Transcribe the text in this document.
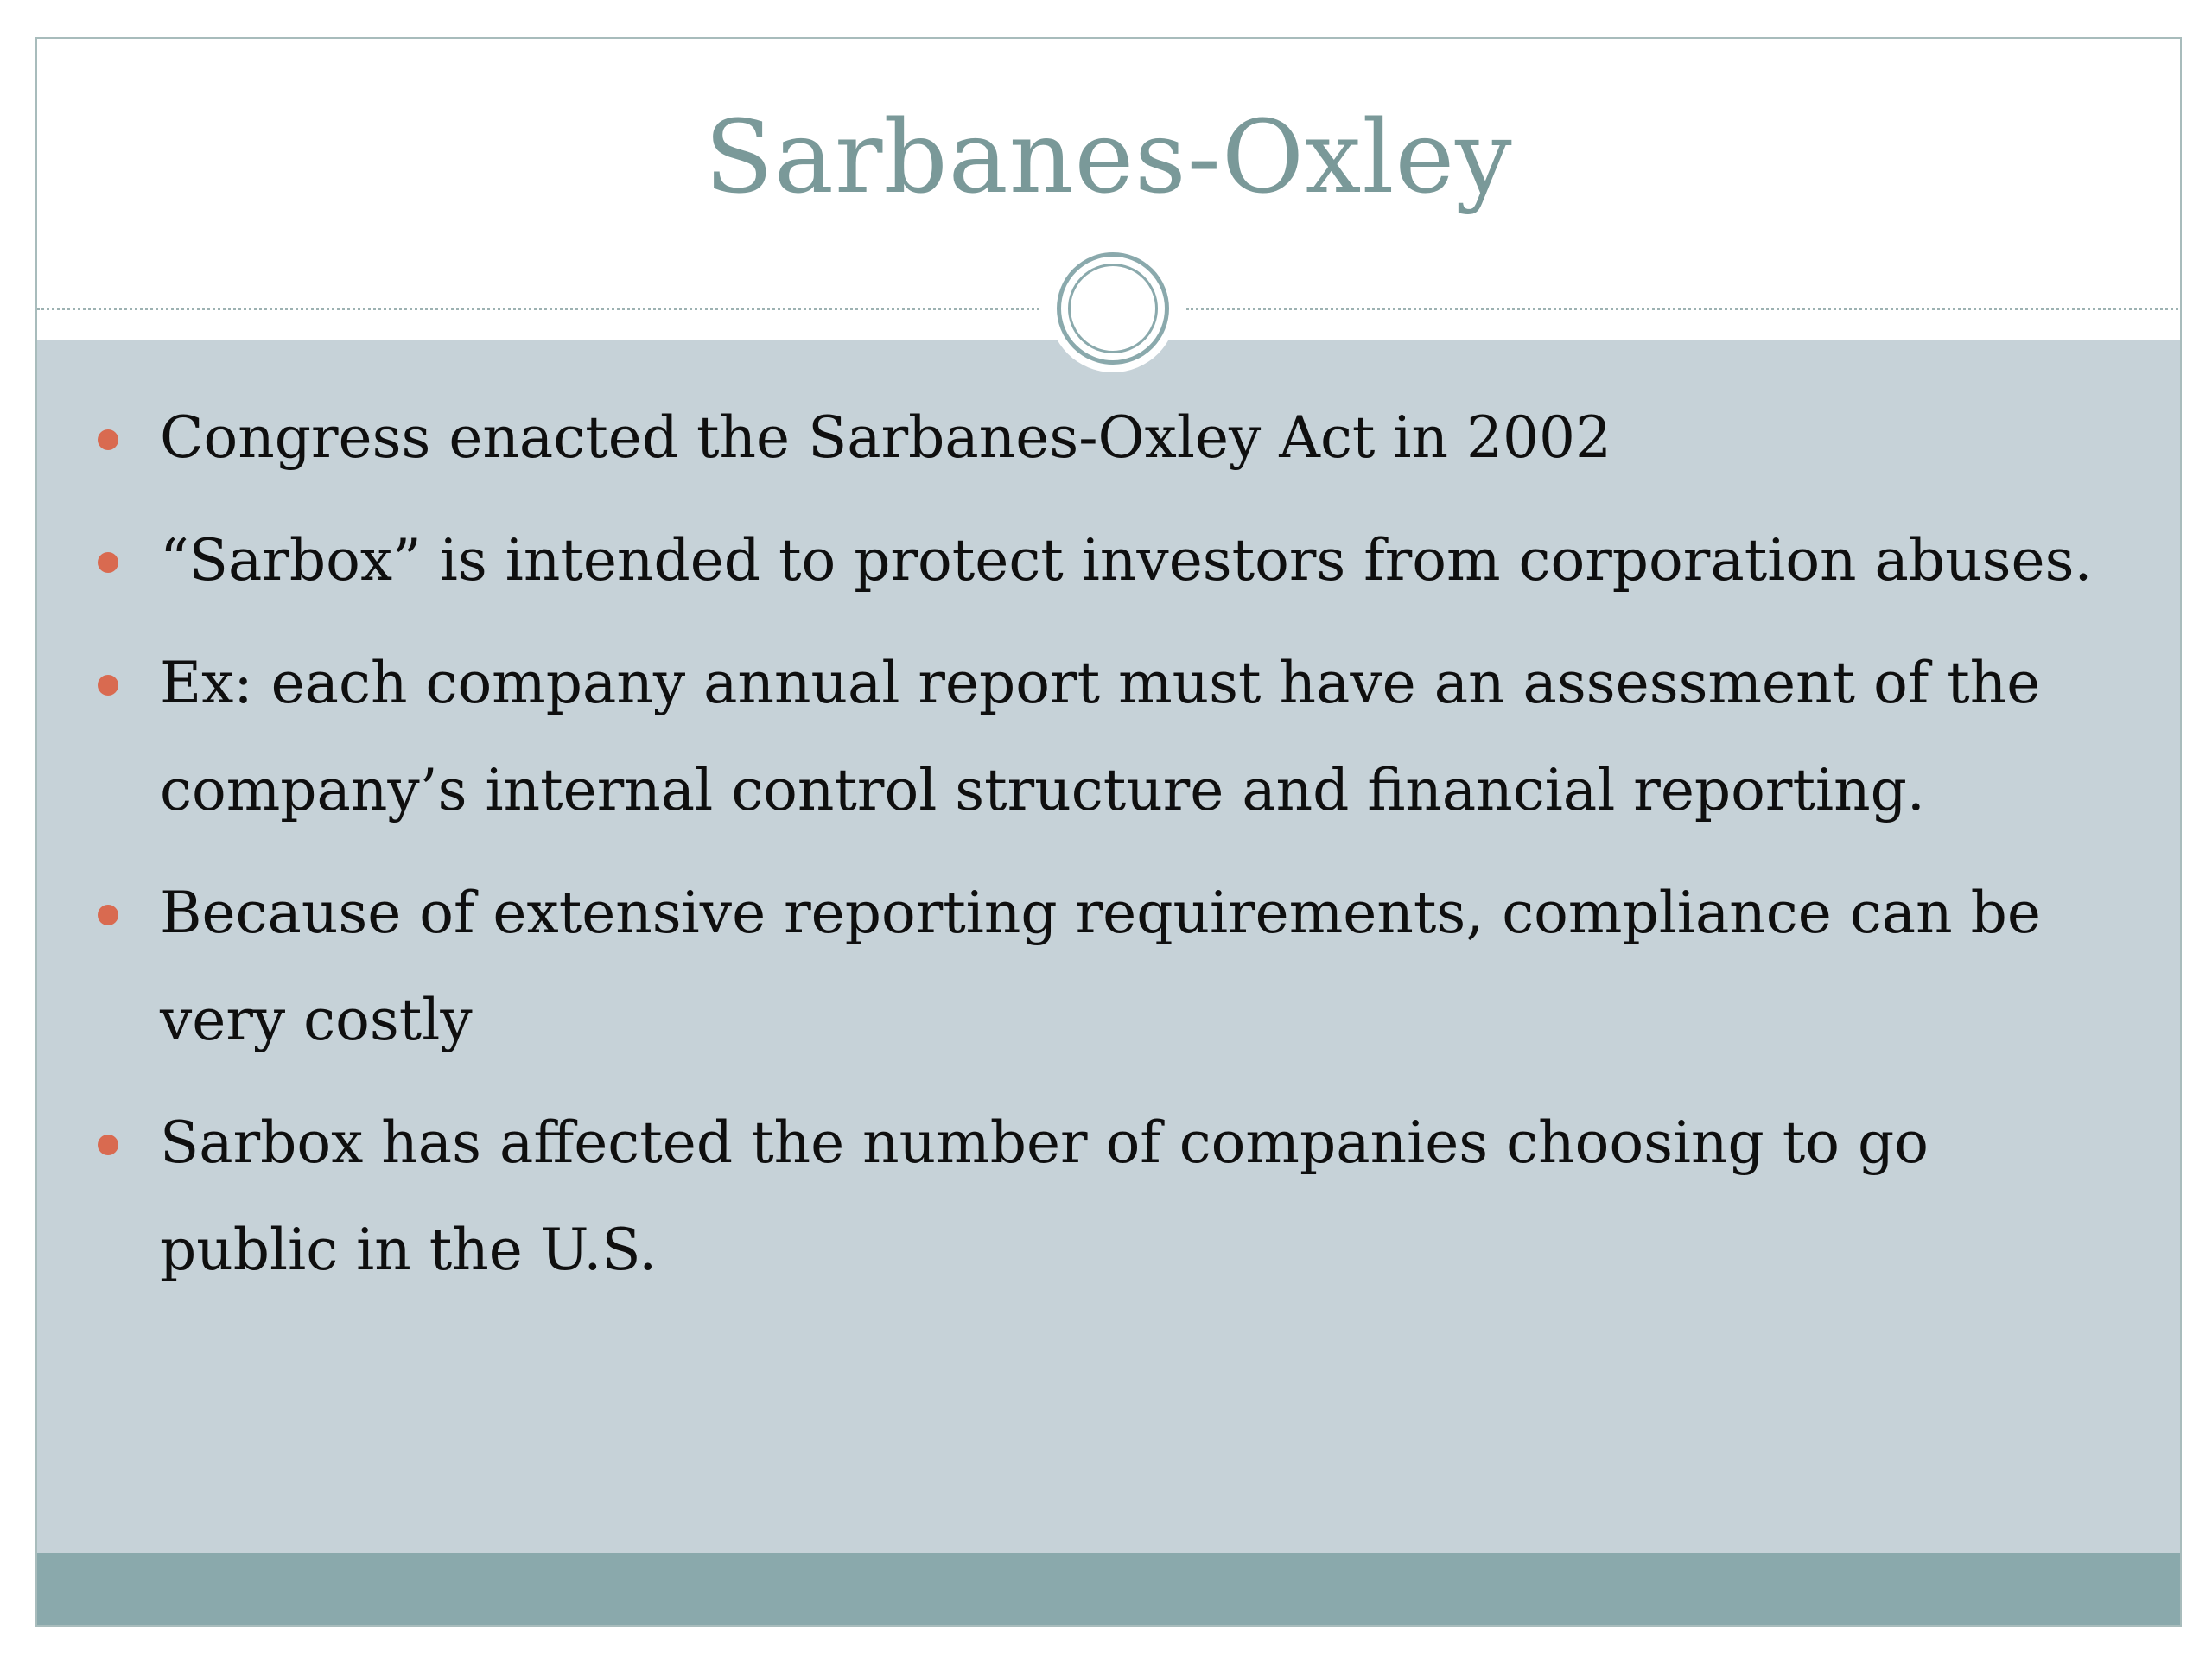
Sarbanes-Oxley
Congress enacted the Sarbanes-Oxley Act in 2002
“Sarbox” is intended to protect investors from corporation abuses.
Ex: each company annual report must have an assessment of the company’s internal control structure and financial reporting.
Because of extensive reporting requirements, compliance can be very costly
Sarbox has affected the number of companies choosing to go public in the U.S.
